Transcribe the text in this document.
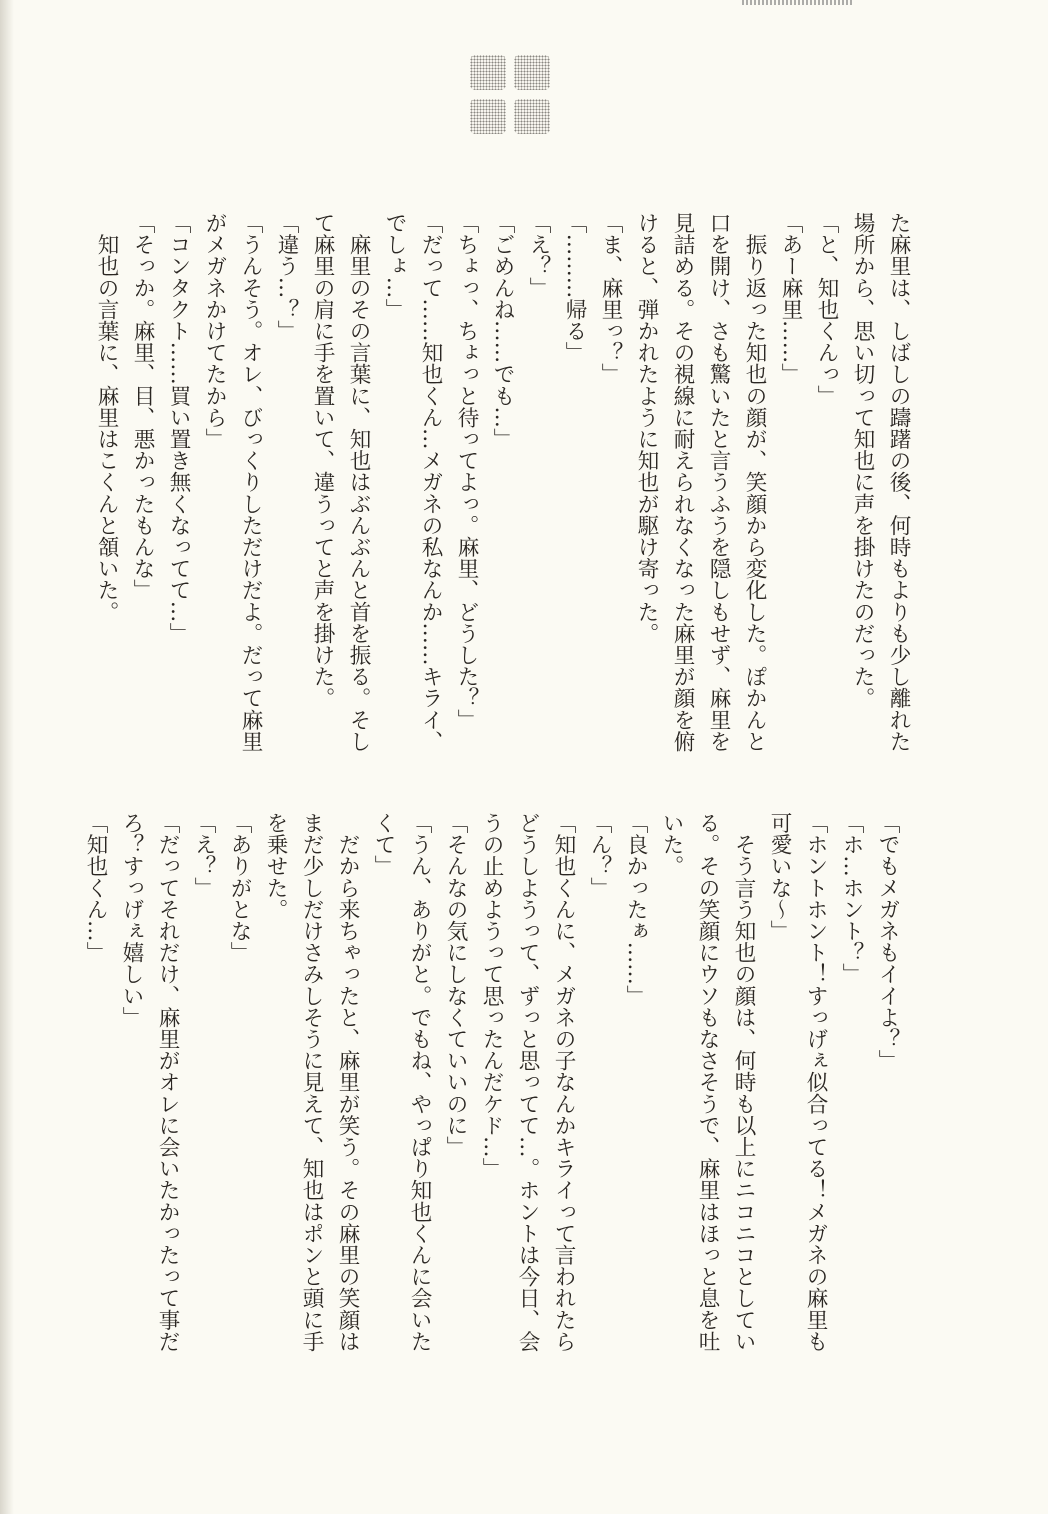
た麻里は、しばしの躊躇の後、何時もよりも少し離れた
場所から、思い切って知也に声を掛けたのだった。
「と、知也くんっ」
「あー麻里……」
　振り返った知也の顔が、笑顔から変化した。ぽかんと
口を開け、さも驚いたと言うふうを隠しもせず、麻里を
見詰める。その視線に耐えられなくなった麻里が顔を俯
けると、弾かれたように知也が駆け寄った。
「ま、麻里っ？」
「………帰る」
「え？」
「ごめんね……でも…」
「ちょっ、ちょっと待ってよっ。麻里、どうした？」
「だって……知也くん…メガネの私なんか……キライ、
でしょ…」
　麻里のその言葉に、知也はぶんぶんと首を振る。そし
て麻里の肩に手を置いて、違うってと声を掛けた。
「違う…？」
「うんそう。オレ、びっくりしただけだよ。だって麻里
がメガネかけてたから」
「コンタクト……買い置き無くなってて…」
「そっか。麻里、目、悪かったもんな」
　知也の言葉に、麻里はこくんと頷いた。
「でもメガネもイイよ？」
「ホ…ホント？」
「ホントホント！すっげぇ似合ってる！メガネの麻里も
可愛いな～」
　そう言う知也の顔は、何時も以上にニコニコとしてい
る。その笑顔にウソもなさそうで、麻里はほっと息を吐
いた。
「良かったぁ……」
「ん？」
「知也くんに、メガネの子なんかキライって言われたら
どうしようって、ずっと思ってて…。ホントは今日、会
うの止めようって思ったんだケド…」
「そんなの気にしなくていいのに」
「うん、ありがと。でもね、やっぱり知也くんに会いた
くて」
　だから来ちゃったと、麻里が笑う。その麻里の笑顔は
まだ少しだけさみしそうに見えて、知也はポンと頭に手
を乗せた。
「ありがとな」
「え？」
「だってそれだけ、麻里がオレに会いたかったって事だ
ろ？すっげぇ嬉しい」
「知也くん…」
